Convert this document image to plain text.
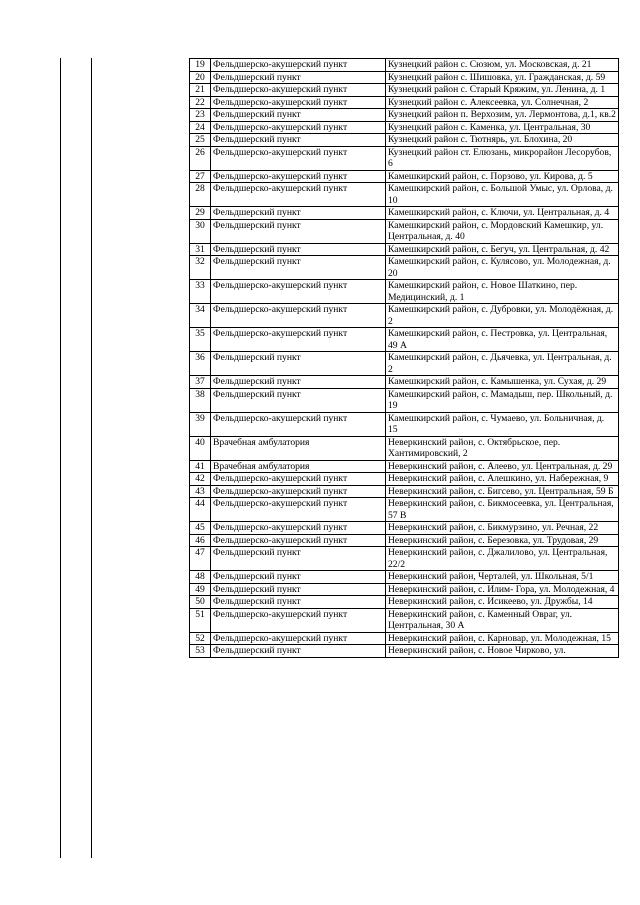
19	Фельдшерско-акушерский пункт	Кузнецкий район с. Сюзюм, ул. Московская, д. 21
20	Фельдшерский пункт	Кузнецкий район с. Шишовка, ул. Гражданская, д. 59
21	Фельдшерско-акушерский пункт	Кузнецкий район с. Старый Кряжим, ул. Ленина, д. 1
22	Фельдшерско-акушерский пункт	Кузнецкий район с. Алексеевка, ул. Солнечная, 2
23	Фельдшерский пункт	Кузнецкий район п. Верхозим, ул. Лермонтова, д.1, кв.2
24	Фельдшерско-акушерский пункт	Кузнецкий район с. Каменка, ул. Центральная, 30
25	Фельдшерский пункт	Кузнецкий район с. Тютнярь, ул. Блохина, 20
26	Фельдшерско-акушерский пункт	Кузнецкий район ст. Елюзань, микрорайон Лесорубов, 6
27	Фельдшерско-акушерский пункт	Камешкирский район, с. Порзово, ул. Кирова, д. 5
28	Фельдшерско-акушерский пункт	Камешкирский район, с. Большой Умыс, ул. Орлова, д. 10
29	Фельдшерский пункт	Камешкирский район, с. Ключи, ул. Центральная, д. 4
30	Фельдшерский пункт	Камешкирский район, с. Мордовский Камешкир, ул. Центральная, д. 40
31	Фельдшерский пункт	Камешкирский район, с. Бегуч, ул. Центральная, д. 42
32	Фельдшерский пункт	Камешкирский район, с. Кулясово, ул. Молодежная, д. 20
33	Фельдшерско-акушерский пункт	Камешкирский район, с. Новое Шаткино, пер. Медицинский, д. 1
34	Фельдшерско-акушерский пункт	Камешкирский район, с. Дубровки, ул. Молодёжная, д. 2
35	Фельдшерско-акушерский пункт	Камешкирский район, с. Пестровка, ул. Центральная, 49 А
36	Фельдшерский пункт	Камешкирский район, с. Дьячевка, ул. Центральная, д. 2
37	Фельдшерский пункт	Камешкирский район, с. Камышенка, ул. Сухая, д. 29
38	Фельдшерский пункт	Камешкирский район, с. Мамадыш, пер. Школьный, д. 19
39	Фельдшерско-акушерский пункт	Камешкирский район, с. Чумаево, ул. Больничная, д. 15
40	Врачебная амбулатория	Неверкинский район, с. Октябрьское, пер. Хантимировский, 2
41	Врачебная амбулатория	Неверкинский район, с. Алеево, ул. Центральная, д. 29
42	Фельдшерско-акушерский пункт	Неверкинский район, с. Алешкино, ул. Набережная, 9
43	Фельдшерско-акушерский пункт	Неверкинский район, с. Бигсево, ул. Центральная, 59 Б
44	Фельдшерско-акушерский пункт	Неверкинский район, с. Бикмосеевка, ул. Центральная, 57 В
45	Фельдшерско-акушерский пункт	Неверкинский район, с. Бикмурзино, ул. Речная, 22
46	Фельдшерско-акушерский пункт	Неверкинский район, с. Березовка, ул. Трудовая, 29
47	Фельдшерский пункт	Неверкинский район, с. Джалилово, ул. Центральная, 22/2
48	Фельдшерский пункт	Неверкинский район, Черталей, ул. Школьная, 5/1
49	Фельдшерский пункт	Неверкинский район, с. Илим- Гора, ул. Молодежная, 4
50	Фельдшерский пункт	Неверкинский район, с. Исикеево, ул. Дружбы, 14
51	Фельдшерско-акушерский пункт	Неверкинский район, с. Каменный Овраг, ул. Центральная, 30 А
52	Фельдшерско-акушерский пункт	Неверкинский район, с. Карновар, ул. Молодежная, 15
53	Фельдшерский пункт	Неверкинский район, с. Новое Чирково, ул.
